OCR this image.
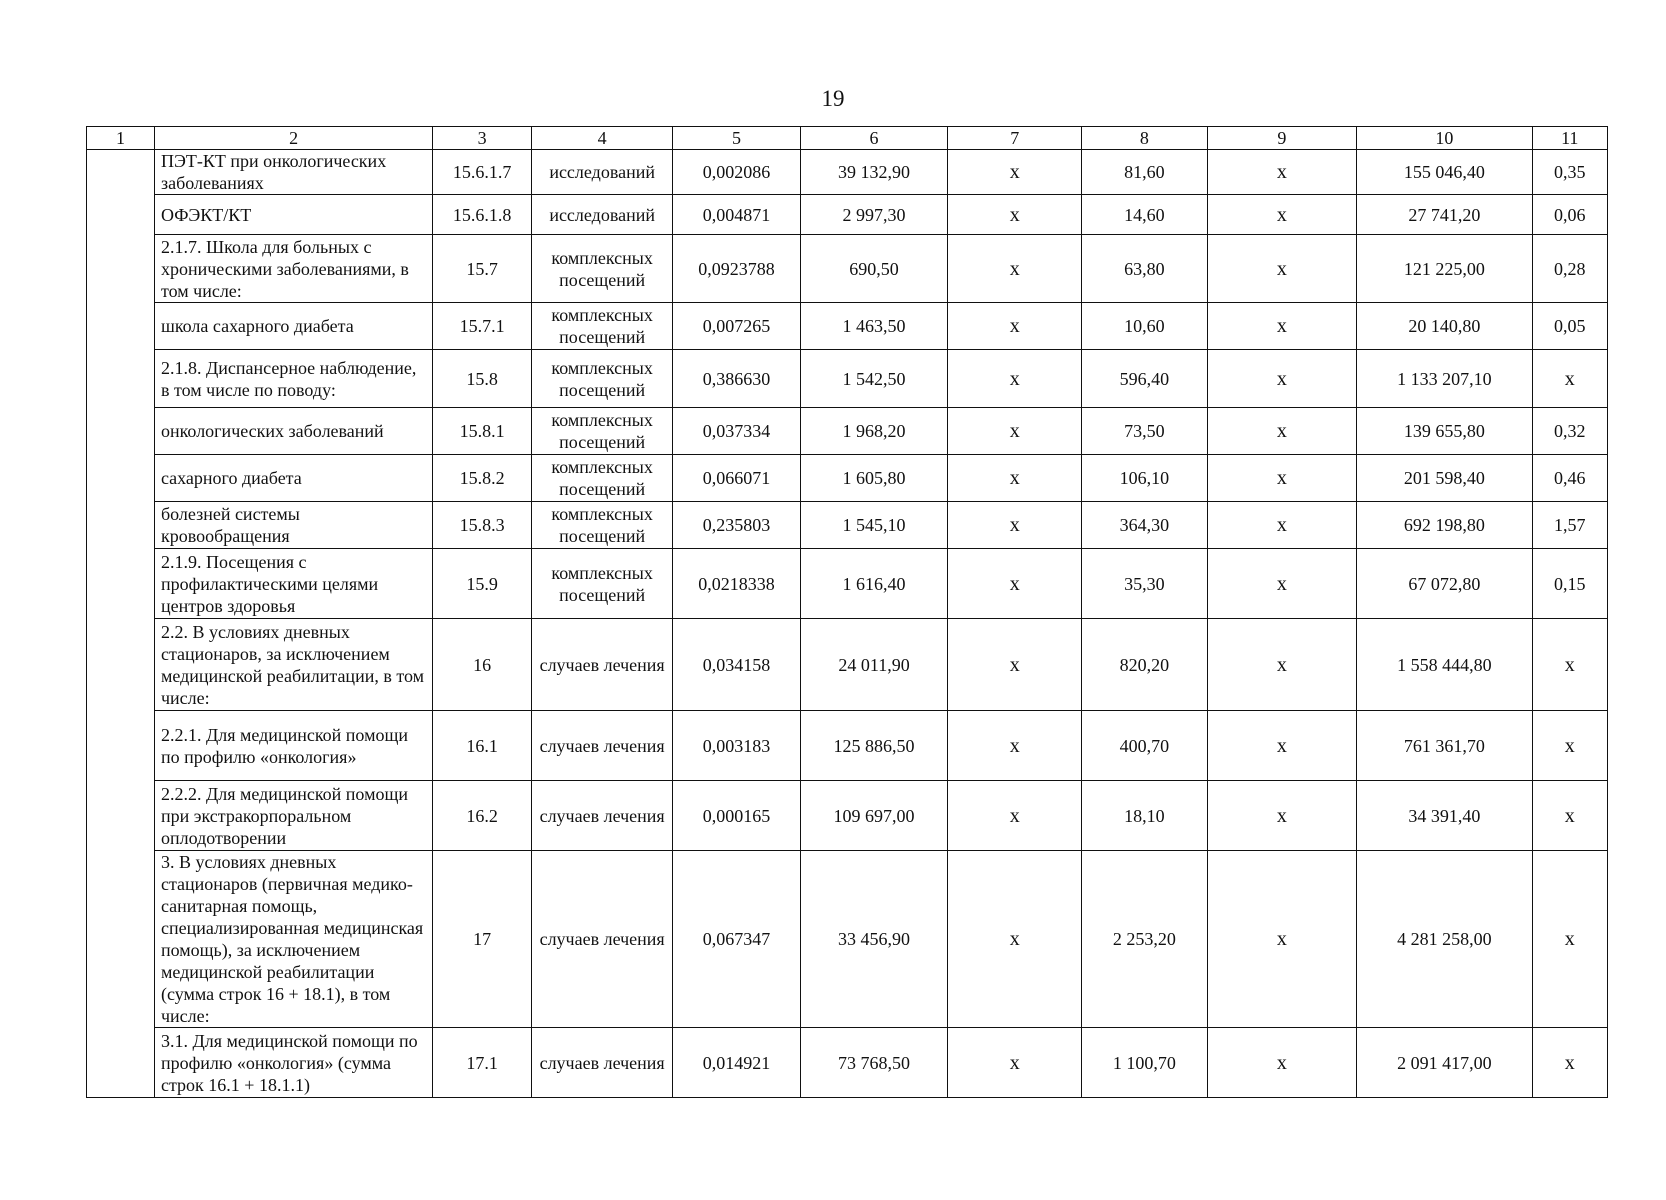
19
1	2	3	4	5	6	7	8	9	10	11
	ПЭТ-КТ при онкологических заболеваниях	15.6.1.7	исследований	0,002086	39 132,90	х	81,60	х	155 046,40	0,35
	ОФЭКТ/КТ	15.6.1.8	исследований	0,004871	2 997,30	х	14,60	х	27 741,20	0,06
	2.1.7. Школа для больных с хроническими заболеваниями, в том числе:	15.7	комплексных посещений	0,0923788	690,50	х	63,80	х	121 225,00	0,28
	школа сахарного диабета	15.7.1	комплексных посещений	0,007265	1 463,50	х	10,60	х	20 140,80	0,05
	2.1.8. Диспансерное наблюдение, в том числе по поводу:	15.8	комплексных посещений	0,386630	1 542,50	х	596,40	х	1 133 207,10	х
	онкологических заболеваний	15.8.1	комплексных посещений	0,037334	1 968,20	х	73,50	х	139 655,80	0,32
	сахарного диабета	15.8.2	комплексных посещений	0,066071	1 605,80	х	106,10	х	201 598,40	0,46
	болезней системы кровообращения	15.8.3	комплексных посещений	0,235803	1 545,10	х	364,30	х	692 198,80	1,57
	2.1.9. Посещения с профилактическими целями центров здоровья	15.9	комплексных посещений	0,0218338	1 616,40	х	35,30	х	67 072,80	0,15
	2.2. В условиях дневных стационаров, за исключением медицинской реабилитации, в том числе:	16	случаев лечения	0,034158	24 011,90	х	820,20	х	1 558 444,80	х
	2.2.1. Для медицинской помощи по профилю «онкология»	16.1	случаев лечения	0,003183	125 886,50	х	400,70	х	761 361,70	х
	2.2.2. Для медицинской помощи при экстракорпоральном оплодотворении	16.2	случаев лечения	0,000165	109 697,00	х	18,10	х	34 391,40	х
	3. В условиях дневных стационаров (первичная медико-санитарная помощь, специализированная медицинская помощь), за исключением медицинской реабилитации (сумма строк 16 + 18.1), в том числе:	17	случаев лечения	0,067347	33 456,90	х	2 253,20	х	4 281 258,00	х
	3.1. Для медицинской помощи по профилю «онкология» (сумма строк 16.1 + 18.1.1)	17.1	случаев лечения	0,014921	73 768,50	х	1 100,70	х	2 091 417,00	х
